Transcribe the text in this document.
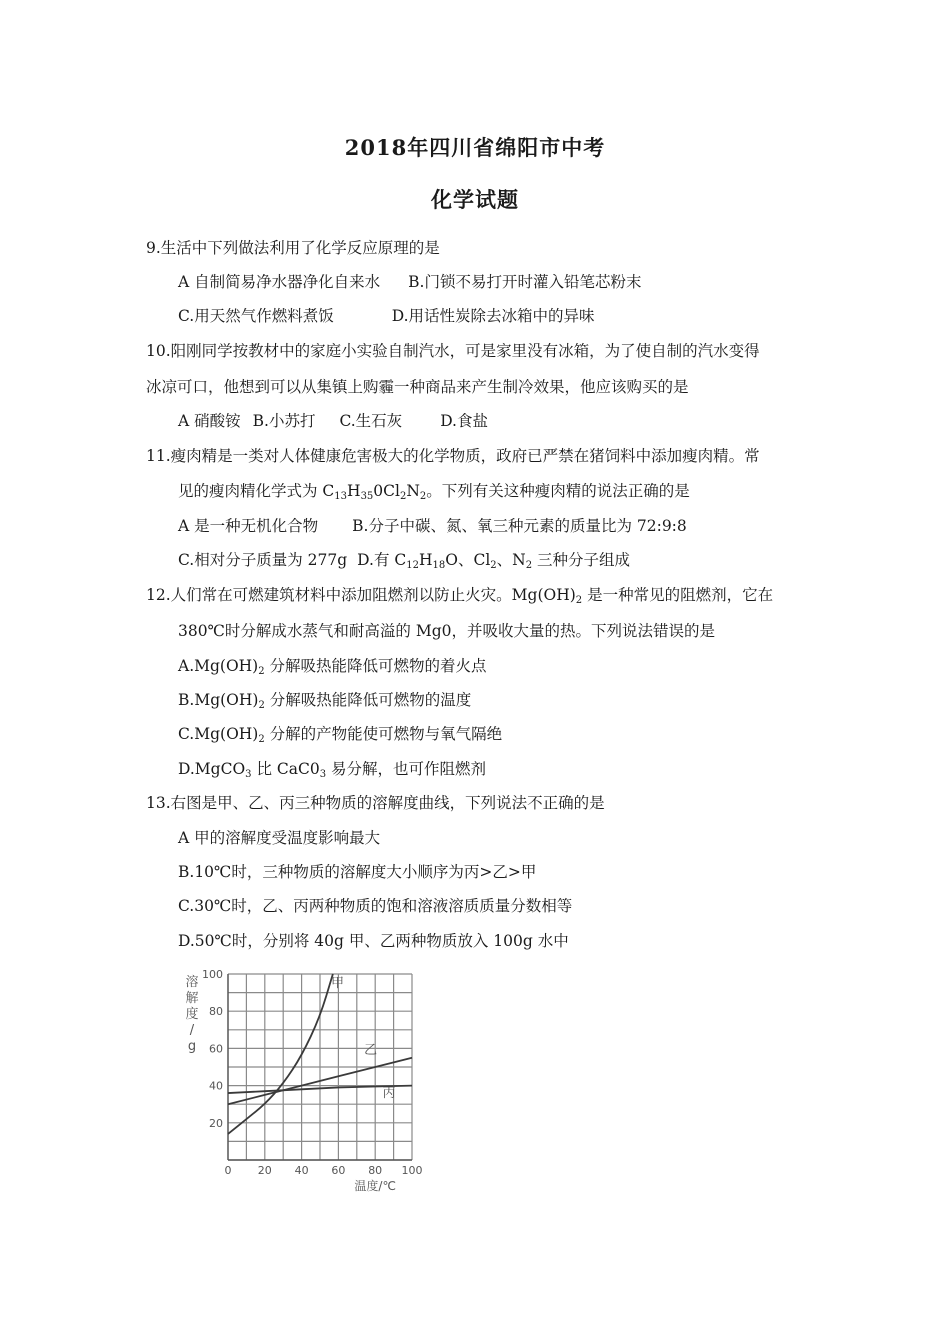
2018年四川省绵阳市中考
化学试题
9.生活中下列做法利用了化学反应原理的是
A 自制简易净水器净化自来水 B.门锁不易打开时灌入铅笔芯粉末
C.用天然气作燃料煮饭	D.用话性炭除去冰箱中的异味
10.阳刚同学按教材中的家庭小实验自制汽水，可是家里没有冰箱，为了使自制的汽水变得
冰凉可口，他想到可以从集镇上购霾一种商品来产生制冷效果，他应该购买的是
A 硝酸铵 B.小苏打 C.生石灰 D.食盐
11.瘦肉精是一类对人体健康危害极大的化学物质，政府已严禁在猪饲料中添加瘦肉精。常
见的瘦肉精化学式为 $C_{13}H_{35}0Cl_2N_2$。下列有关这种瘦肉精的说法正确的是
A 是一种无机化合物 B.分子中碳、氮、氧三种元素的质量比为 72:9:8
C.相对分子质量为 277g D.有 $C_{12}H_{18}O$、$Cl_2$、$N_2$ 三种分子组成
12.人们常在可燃建筑材料中添加阻燃剂以防止火灾。$Mg(OH)_2$ 是一种常见的阻燃剂，它在
380℃时分解成水蒸气和耐高溢的 Mg0，并吸收大量的热。下列说法错误的是
$A.Mg(OH)_2$ 分解吸热能降低可燃物的着火点
$B.Mg(OH)_2$ 分解吸热能降低可燃物的温度
$C.Mg(OH)_2$ 分解的产物能使可燃物与氧气隔绝
D.MgCO$_3$ 比 $CaC0_3$ 易分解，也可作阻燃剂
13.右图是甲、乙、丙三种物质的溶解度曲线，下列说法不正确的是
A 甲的溶解度受温度影响最大
B.10℃时，三种物质的溶解度大小顺序为丙>乙>甲
C.30℃时，乙、丙两种物质的饱和溶液溶质质量分数相等
D.50℃时，分别将 40g 甲、乙两种物质放入 100g 水中
0 20 40 60 80 100
20
40
60
80
100
溶
解
度
/
g
温度/℃
甲
乙
丙
